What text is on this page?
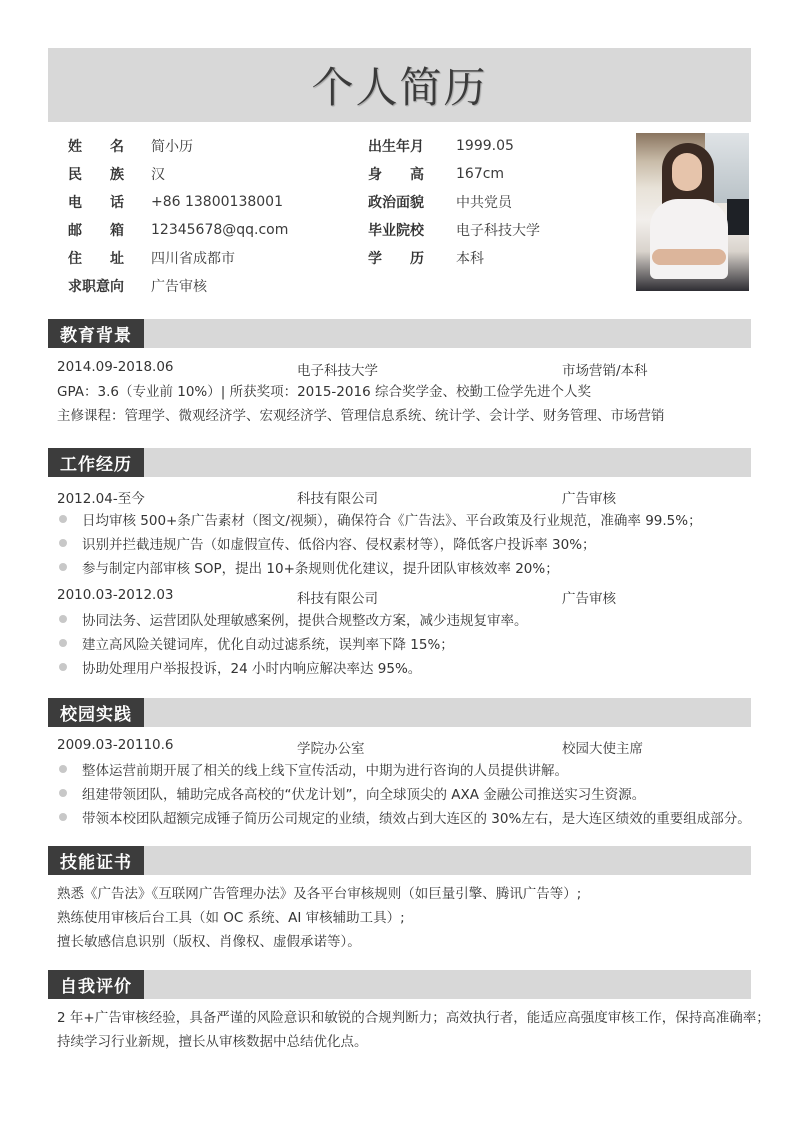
个人简历
姓 名 简小历
民 族 汉
电 话 +86 13800138001
邮 箱 12345678@qq.com
住 址 四川省成都市
求职意向 广告审核
出生年月 1999.05
身 高 167cm
政治面貌 中共党员
毕业院校 电子科技大学
学 历 本科
教育背景
2014.09-2018.06	电子科技大学	市场营销/本科
GPA：3.6（专业前 10%）| 所获奖项：2015-2016 综合奖学金、校勤工俭学先进个人奖
主修课程：管理学、微观经济学、宏观经济学、管理信息系统、统计学、会计学、财务管理、市场营销
工作经历
2012.04-至今	科技有限公司	广告审核
日均审核 500+条广告素材（图文/视频），确保符合《广告法》、平台政策及行业规范，准确率 99.5%；
识别并拦截违规广告（如虚假宣传、低俗内容、侵权素材等），降低客户投诉率 30%；
参与制定内部审核 SOP，提出 10+条规则优化建议，提升团队审核效率 20%；
2010.03-2012.03	科技有限公司	广告审核
协同法务、运营团队处理敏感案例，提供合规整改方案，减少违规复审率。
建立高风险关键词库，优化自动过滤系统，误判率下降 15%；
协助处理用户举报投诉，24 小时内响应解决率达 95%。
校园实践
2009.03-20110.6	学院办公室	校园大使主席
整体运营前期开展了相关的线上线下宣传活动，中期为进行咨询的人员提供讲解。
组建带领团队，辅助完成各高校的“伏龙计划”，向全球顶尖的 AXA 金融公司推送实习生资源。
带领本校团队超额完成锤子简历公司规定的业绩，绩效占到大连区的 30%左右，是大连区绩效的重要组成部分。
技能证书
熟悉《广告法》《互联网广告管理办法》及各平台审核规则（如巨量引擎、腾讯广告等）;
熟练使用审核后台工具（如 OC 系统、AI 审核辅助工具）;
擅长敏感信息识别（版权、肖像权、虚假承诺等）。
自我评价
2 年+广告审核经验，具备严谨的风险意识和敏锐的合规判断力；高效执行者，能适应高强度审核工作，保持高准确率；
持续学习行业新规，擅长从审核数据中总结优化点。
